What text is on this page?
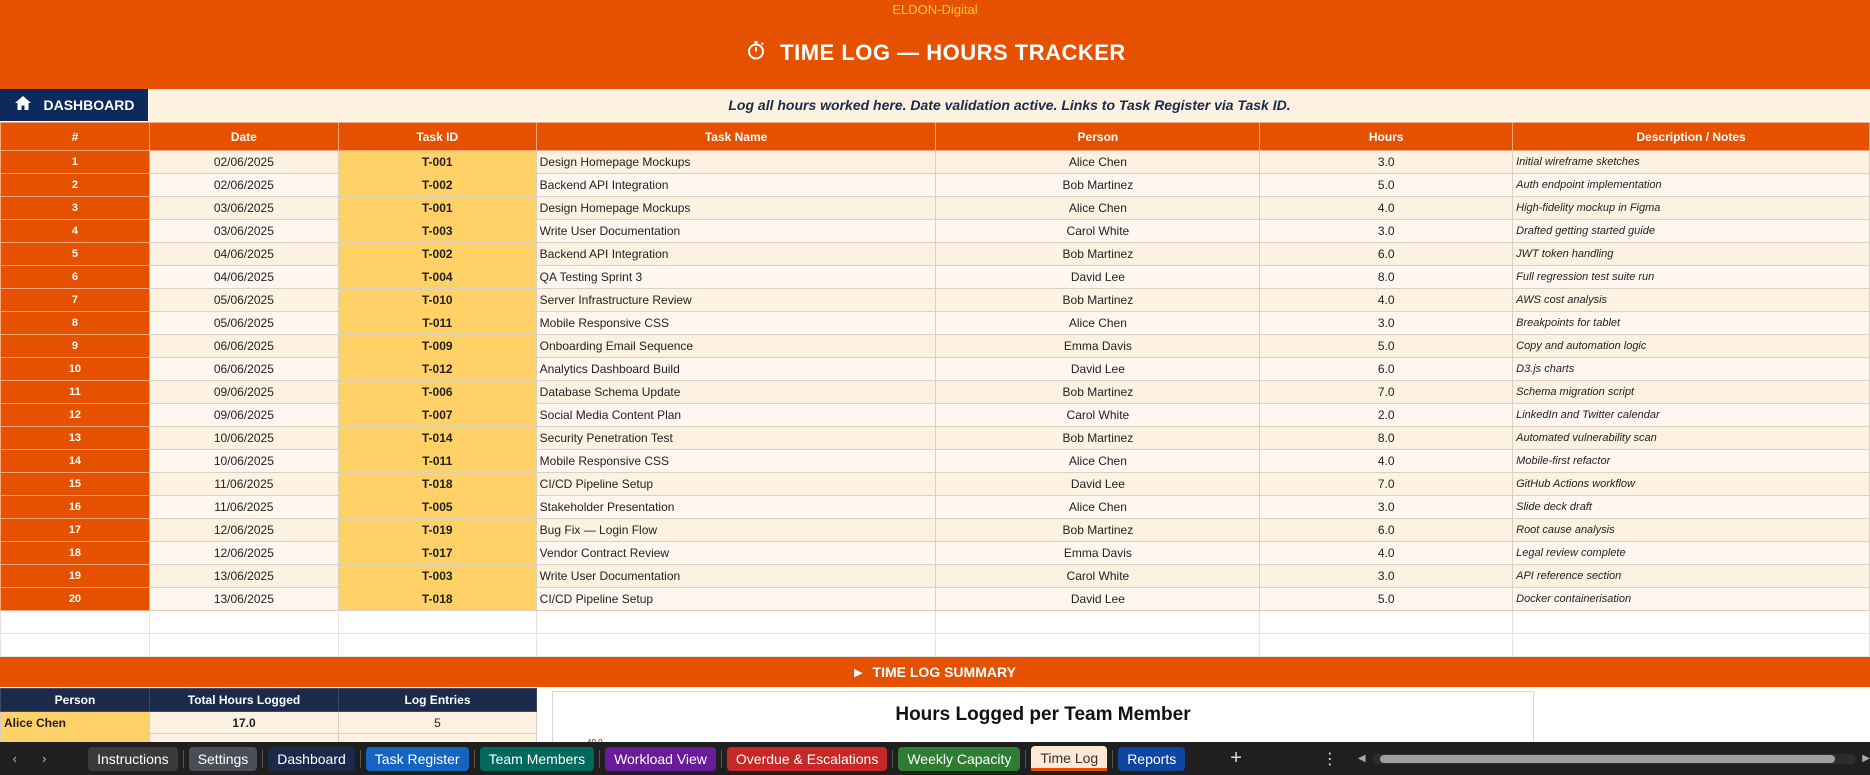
ELDON-Digital
TIME LOG — HOURS TRACKER
DASHBOARD	Log all hours worked here. Date validation active. Links to Task Register via Task ID.
#	Date	Task ID	Task Name	Person	Hours	Description / Notes
1	02/06/2025	T-001	Design Homepage Mockups	Alice Chen	3.0	Initial wireframe sketches
2	02/06/2025	T-002	Backend API Integration	Bob Martinez	5.0	Auth endpoint implementation
3	03/06/2025	T-001	Design Homepage Mockups	Alice Chen	4.0	High-fidelity mockup in Figma
4	03/06/2025	T-003	Write User Documentation	Carol White	3.0	Drafted getting started guide
5	04/06/2025	T-002	Backend API Integration	Bob Martinez	6.0	JWT token handling
6	04/06/2025	T-004	QA Testing Sprint 3	David Lee	8.0	Full regression test suite run
7	05/06/2025	T-010	Server Infrastructure Review	Bob Martinez	4.0	AWS cost analysis
8	05/06/2025	T-011	Mobile Responsive CSS	Alice Chen	3.0	Breakpoints for tablet
9	06/06/2025	T-009	Onboarding Email Sequence	Emma Davis	5.0	Copy and automation logic
10	06/06/2025	T-012	Analytics Dashboard Build	David Lee	6.0	D3.js charts
11	09/06/2025	T-006	Database Schema Update	Bob Martinez	7.0	Schema migration script
12	09/06/2025	T-007	Social Media Content Plan	Carol White	2.0	LinkedIn and Twitter calendar
13	10/06/2025	T-014	Security Penetration Test	Bob Martinez	8.0	Automated vulnerability scan
14	10/06/2025	T-011	Mobile Responsive CSS	Alice Chen	4.0	Mobile-first refactor
15	11/06/2025	T-018	CI/CD Pipeline Setup	David Lee	7.0	GitHub Actions workflow
16	11/06/2025	T-005	Stakeholder Presentation	Alice Chen	3.0	Slide deck draft
17	12/06/2025	T-019	Bug Fix — Login Flow	Bob Martinez	6.0	Root cause analysis
18	12/06/2025	T-017	Vendor Contract Review	Emma Davis	4.0	Legal review complete
19	13/06/2025	T-003	Write User Documentation	Carol White	3.0	API reference section
20	13/06/2025	T-018	CI/CD Pipeline Setup	David Lee	5.0	Docker containerisation

▶ TIME LOG SUMMARY
Person	Total Hours Logged	Log Entries
Alice Chen	17.0	5
			Hours Logged per Team Member
‹	›	Instructions	Settings	Dashboard	Task Register	Team Members	Workload View	Overdue & Escalations	Weekly Capacity	Time Log	Reports	+	⋮ ◀	▶
